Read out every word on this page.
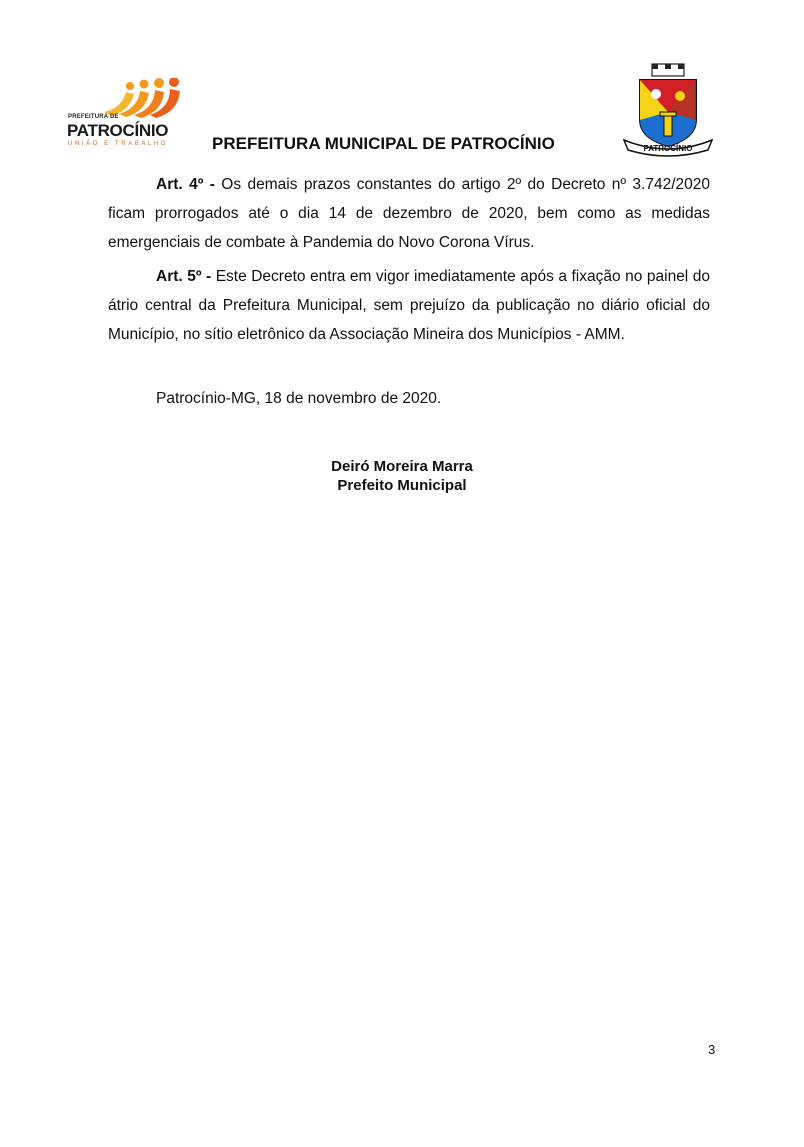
PREFEITURA DE
PATROCÍNIO
UNIÃO E TRABALHO	PREFEITURA MUNICIPAL DE PATROCÍNIO	PATROCÍNIO

Art. 4º - Os demais prazos constantes do artigo 2º do Decreto nº 3.742/2020 ficam prorrogados até o dia 14 de dezembro de 2020, bem como as medidas emergenciais de combate à Pandemia do Novo Corona Vírus.

Art. 5º - Este Decreto entra em vigor imediatamente após a fixação no painel do átrio central da Prefeitura Municipal, sem prejuízo da publicação no diário oficial do Município, no sítio eletrônico da Associação Mineira dos Municípios - AMM.

Patrocínio-MG, 18 de novembro de 2020.

Deiró Moreira Marra
Prefeito Municipal
3
